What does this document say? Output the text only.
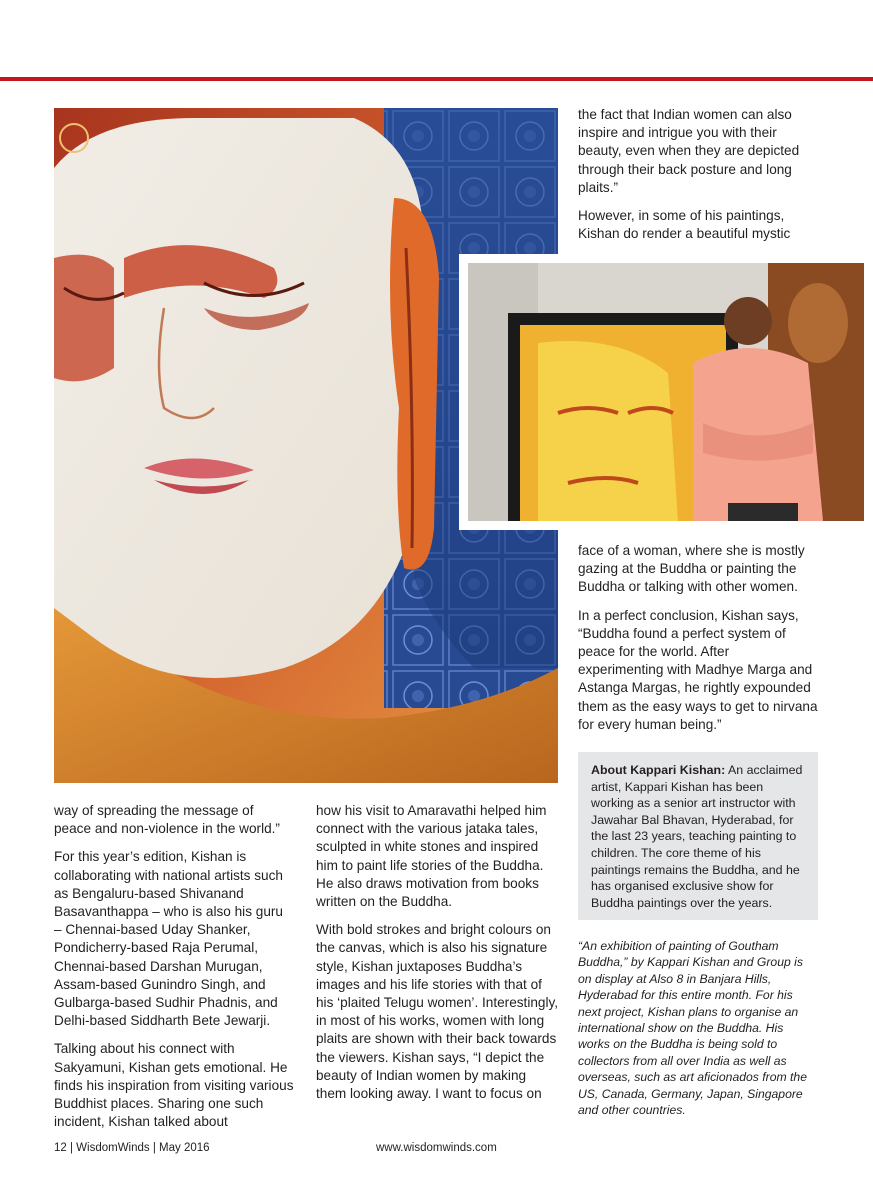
the fact that Indian women can also inspire and intrigue you with their beauty, even when they are depicted through their back posture and long plaits.”

However, in some of his paintings, Kishan do render a beautiful mystic

face of a woman, where she is mostly gazing at the Buddha or painting the Buddha or talking with other women.

In a perfect conclusion, Kishan says, “Buddha found a perfect system of peace for the world. After experimenting with Madhye Marga and Astanga Margas, he rightly expounded them as the easy ways to get to nirvana for every human being.”

About Kappari Kishan: An acclaimed artist, Kappari Kishan has been working as a senior art instructor with Jawahar Bal Bhavan, Hyderabad, for the last 23 years, teaching painting to children. The core theme of his paintings remains the Buddha, and he has organised exclusive show for Buddha paintings over the years.
“An exhibition of painting of Goutham Buddha,” by Kappari Kishan and Group is on display at Also 8 in Banjara Hills, Hyderabad for this entire month. For his next project, Kishan plans to organise an international show on the Buddha. His works on the Buddha is being sold to collectors from all over India as well as overseas, such as art aficionados from the US, Canada, Germany, Japan, Singapore and other countries.

way of spreading the message of peace and non-violence in the world.”

For this year’s edition, Kishan is collaborating with national artists such as Bengaluru-based Shivanand Basavanthappa – who is also his guru – Chennai-based Uday Shanker, Pondicherry-based Raja Perumal, Chennai-based Darshan Murugan, Assam-based Gunindro Singh, and Gulbarga-based Sudhir Phadnis, and Delhi-based Siddharth Bete Jewarji.

Talking about his connect with Sakyamuni, Kishan gets emotional. He finds his inspiration from visiting various Buddhist places. Sharing one such incident, Kishan talked about

how his visit to Amaravathi helped him connect with the various jataka tales, sculpted in white stones and inspired him to paint life stories of the Buddha. He also draws motivation from books written on the Buddha.

With bold strokes and bright colours on the canvas, which is also his signature style, Kishan juxtaposes Buddha’s images and his life stories with that of his ‘plaited Telugu women’. Interestingly, in most of his works, women with long plaits are shown with their back towards the viewers. Kishan says, “I depict the beauty of Indian women by making them looking away. I want to focus on

12 | WisdomWinds | May 2016	www.wisdomwinds.com
